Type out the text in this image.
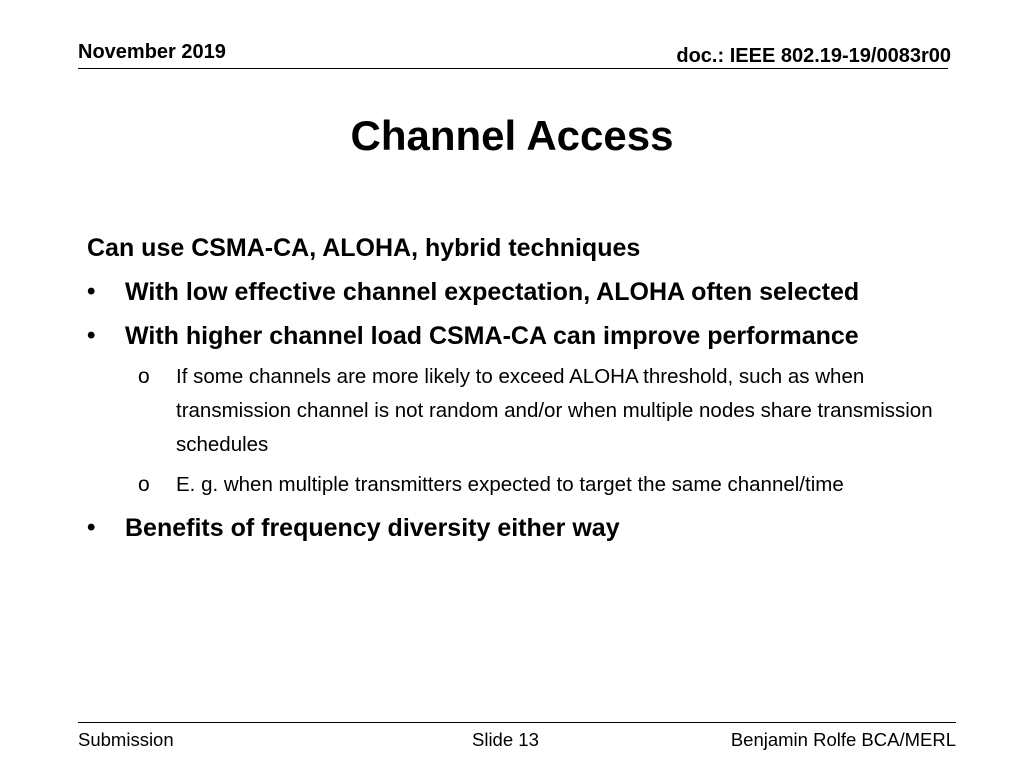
November 2019	doc.: IEEE 802.19-19/0083r00
Channel Access
Can use CSMA-CA, ALOHA, hybrid techniques
• With low effective channel expectation, ALOHA often selected
• With higher channel load CSMA-CA can improve performance
o If some channels are more likely to exceed ALOHA threshold, such as when transmission channel is not random and/or when multiple nodes share transmission schedules
o E. g. when multiple transmitters expected to target the same channel/time
• Benefits of frequency diversity either way
Submission	Slide 13	Benjamin Rolfe BCA/MERL
